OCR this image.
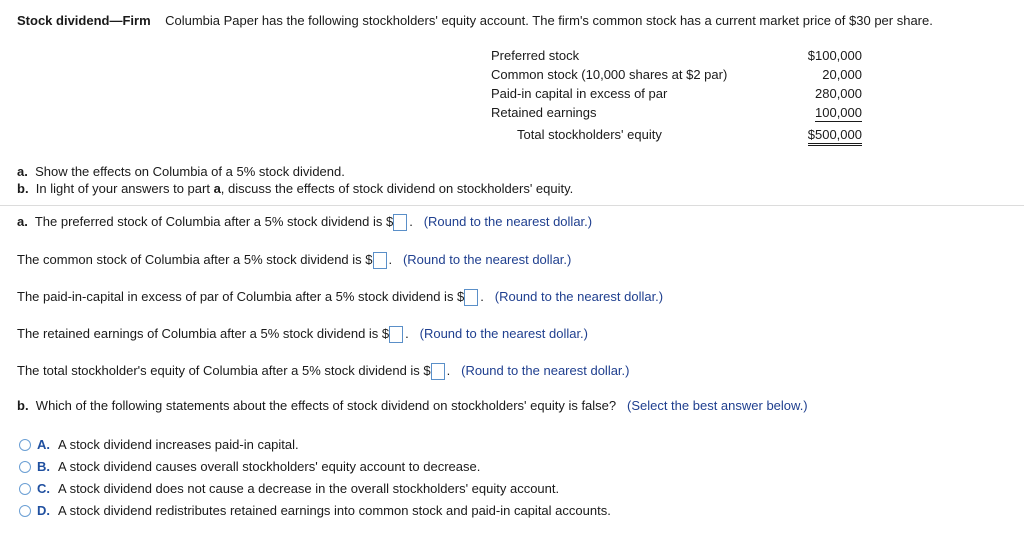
Stock dividend—Firm Columbia Paper has the following stockholders' equity account. The firm's common stock has a current market price of $30 per share.
Preferred stock	$100,000
Common stock (10,000 shares at $2 par)	20,000
Paid-in capital in excess of par	280,000
Retained earnings	100,000
Total stockholders' equity	$500,000
a. Show the effects on Columbia of a 5% stock dividend.
b. In light of your answers to part a, discuss the effects of stock dividend on stockholders' equity.
a. The preferred stock of Columbia after a 5% stock dividend is $ . (Round to the nearest dollar.)
The common stock of Columbia after a 5% stock dividend is $ . (Round to the nearest dollar.)
The paid-in-capital in excess of par of Columbia after a 5% stock dividend is $ . (Round to the nearest dollar.)
The retained earnings of Columbia after a 5% stock dividend is $ . (Round to the nearest dollar.)
The total stockholder's equity of Columbia after a 5% stock dividend is $ . (Round to the nearest dollar.)
b. Which of the following statements about the effects of stock dividend on stockholders' equity is false? (Select the best answer below.)
A. A stock dividend increases paid-in capital.
B. A stock dividend causes overall stockholders' equity account to decrease.
C. A stock dividend does not cause a decrease in the overall stockholders' equity account.
D. A stock dividend redistributes retained earnings into common stock and paid-in capital accounts.
